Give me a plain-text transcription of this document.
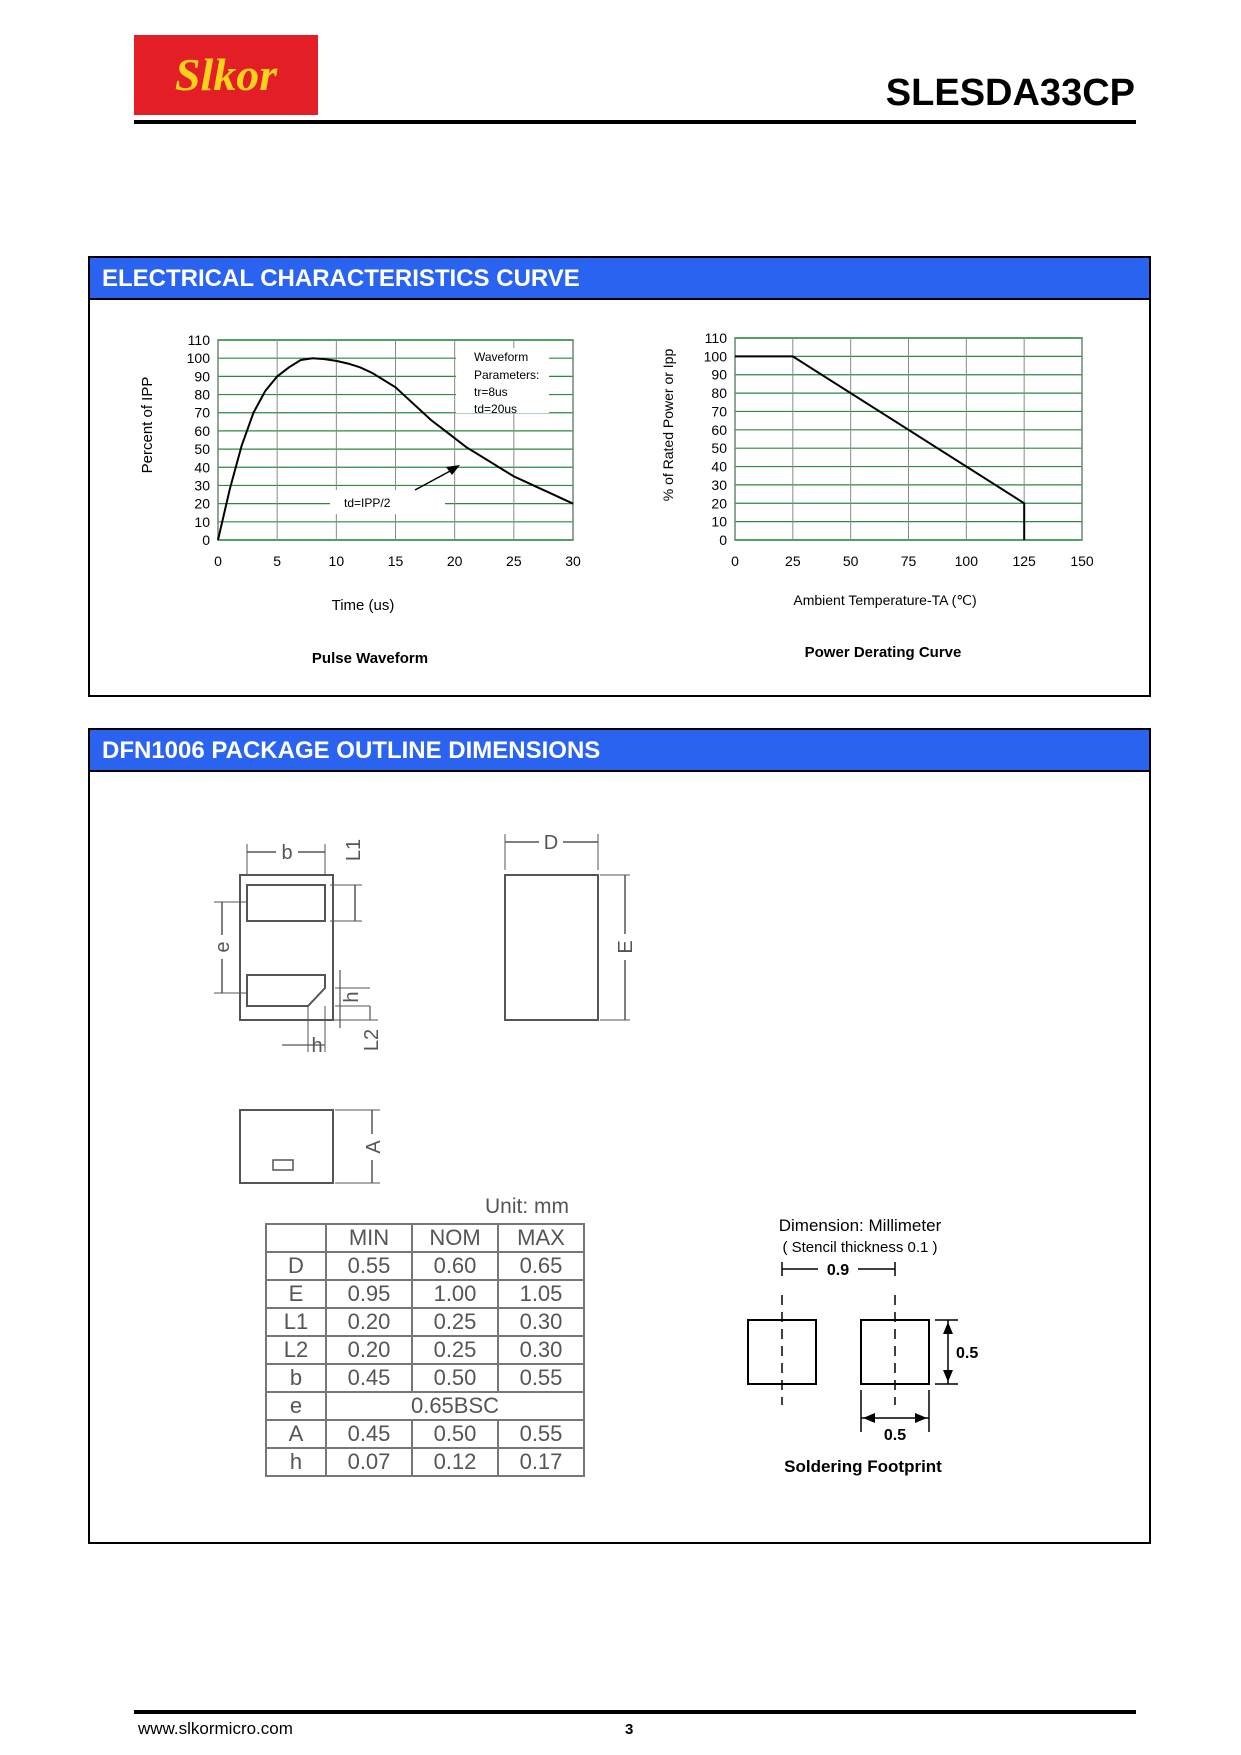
Slkor	SLESDA33CP
ELECTRICAL CHARACTERISTICS CURVE
0
10
20
30
40
50
60
70
80
90
100
110
0	5	10	15	20	25	30
Percent of IPP
Time (us)
Pulse Waveform
Waveform
Parameters:
tr=8us
td=20us
td=IPP/2
0
10
20
30
40
50
60
70
80
90
100
110
0	25	50	75	100 125 150
% of Rated Power or Ipp
Ambient Temperature-TA (℃)
Power Derating Curve
DFN1006 PACKAGE OUTLINE DIMENSIONS
b	L1
e
h
L2
h
D
E
A
Unit: mm
	MIN	NOM	MAX
D	0.55	0.60	0.65
E	0.95	1.00	1.05
L1	0.20	0.25	0.30
L2	0.20	0.25	0.30
b	0.45	0.50	0.55
e	0.65BSC		
A	0.45	0.50	0.55
h	0.07	0.12	0.17
Dimension: Millimeter
( Stencil thickness 0.1 )
0.9
0.5
0.5
Soldering Footprint
www.slkormicro.com	3
